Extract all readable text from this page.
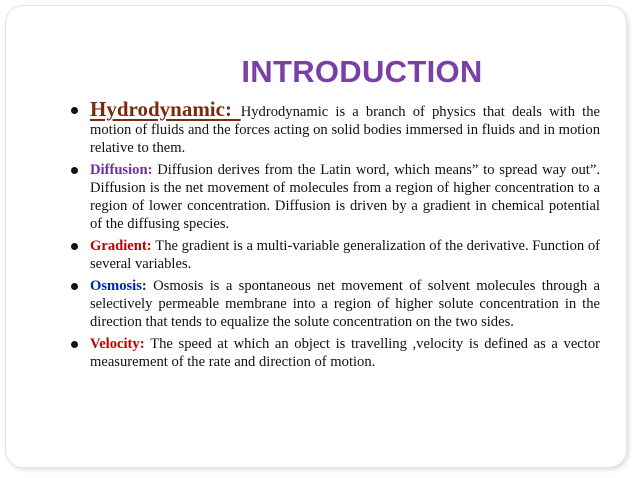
INTRODUCTION
Hydrodynamic: Hydrodynamic is a branch of physics that deals with the motion of fluids and the forces acting on solid bodies immersed in fluids and in motion relative to them.
Diffusion: Diffusion derives from the Latin word, which means” to spread way out”. Diffusion is the net movement of molecules from a region of higher concentration to a region of lower concentration. Diffusion is driven by a gradient in chemical potential of the diffusing species.
Gradient: The gradient is a multi-variable generalization of the derivative. Function of several variables.
Osmosis: Osmosis is a spontaneous net movement of solvent molecules through a selectively permeable membrane into a region of higher solute concentration in the direction that tends to equalize the solute concentration on the two sides.
Velocity: The speed at which an object is travelling ,velocity is defined as a vector measurement of the rate and direction of motion.
